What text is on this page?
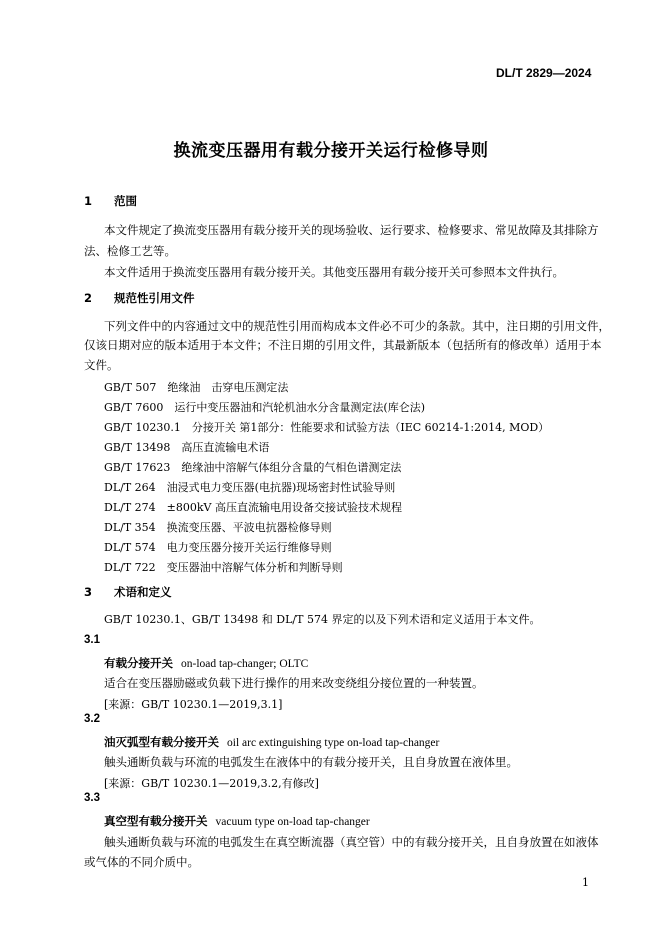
DL/T 2829—2024
换流变压器用有载分接开关运行检修导则
1 范围
本文件规定了换流变压器用有载分接开关的现场验收、运行要求、检修要求、常见故障及其排除方
法、检修工艺等。
本文件适用于换流变压器用有载分接开关。其他变压器用有载分接开关可参照本文件执行。
2 规范性引用文件
下列文件中的内容通过文中的规范性引用而构成本文件必不可少的条款。其中，注日期的引用文件，
仅该日期对应的版本适用于本文件；不注日期的引用文件，其最新版本（包括所有的修改单）适用于本
文件。
GB/T 507　绝缘油　击穿电压测定法
GB/T 7600　运行中变压器油和汽轮机油水分含量测定法(库仑法)
GB/T 10230.1　分接开关 第1部分：性能要求和试验方法（IEC 60214-1:2014, MOD）
GB/T 13498　高压直流输电术语
GB/T 17623　绝缘油中溶解气体组分含量的气相色谱测定法
DL/T 264　油浸式电力变压器(电抗器)现场密封性试验导则
DL/T 274　±800kV 高压直流输电用设备交接试验技术规程
DL/T 354　换流变压器、平波电抗器检修导则
DL/T 574　电力变压器分接开关运行维修导则
DL/T 722　变压器油中溶解气体分析和判断导则
3 术语和定义
GB/T 10230.1、GB/T 13498 和 DL/T 574 界定的以及下列术语和定义适用于本文件。
3.1
有载分接开关 on-load tap-changer; OLTC
适合在变压器励磁或负载下进行操作的用来改变绕组分接位置的一种装置。
[来源：GB/T 10230.1—2019,3.1]
3.2
油灭弧型有载分接开关 oil arc extinguishing type on-load tap-changer
触头通断负载与环流的电弧发生在液体中的有载分接开关，且自身放置在液体里。
[来源：GB/T 10230.1—2019,3.2,有修改]
3.3
真空型有载分接开关 vacuum type on-load tap-changer
触头通断负载与环流的电弧发生在真空断流器（真空管）中的有载分接开关，且自身放置在如液体
或气体的不同介质中。
1
